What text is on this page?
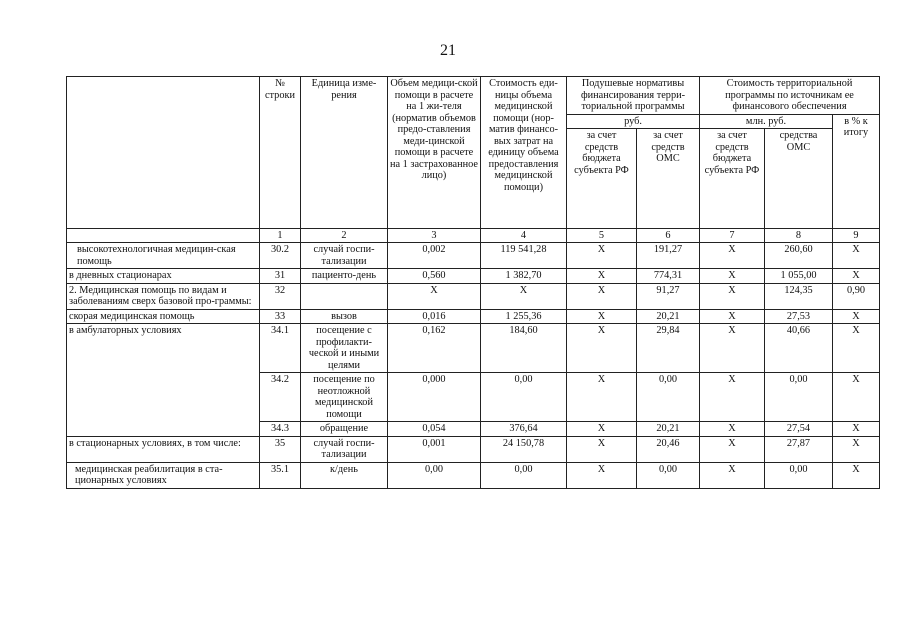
21
	№ строки	Единица изме-рения	Объем медици-ской помощи в расчете на 1 жи-теля (норматив объемов предо-ставления меди-цинской помощи в расчете на 1 застрахованное лицо)	Стоимость еди-ницы объема медицинской помощи (нор-матив финансо-вых затрат на единицу объема предоставления медицинской помощи)	Подушевые нормативы финансирования терри-ториальной программы		Стоимость территориальной программы по источникам ее финансового обеспечения		
					руб.		млн. руб.		в % к итогу
					за счет средств бюджета субъекта РФ	за счет средств ОМС	за счет средств бюджета субъекта РФ	средства ОМС	
	1	2	3	4	5	6	7	8	9
высокотехнологичная медицин-ская помощь	30.2	случай госпи-тализации	0,002	119 541,28	X	191,27	X	260,60	X
в дневных стационарах	31	пациенто-день	0,560	1 382,70	X	774,31	X	1 055,00	X
2. Медицинская помощь по видам и заболеваниям сверх базовой про-граммы:	32		X	X	X	91,27	X	124,35	0,90
скорая медицинская помощь	33	вызов	0,016	1 255,36	X	20,21	X	27,53	X
в амбулаторных условиях	34.1	посещение с профилакти-ческой и иными целями	0,162	184,60	X	29,84	X	40,66	X
	34.2	посещение по неотложной медицинской помощи	0,000	0,00	X	0,00	X	0,00	X
	34.3	обращение	0,054	376,64	X	20,21	X	27,54	X
в стационарных условиях, в том числе:	35	случай госпи-тализации	0,001	24 150,78	X	20,46	X	27,87	X
медицинская реабилитация в ста-ционарных условиях	35.1	к/день	0,00	0,00	X	0,00	X	0,00	X
